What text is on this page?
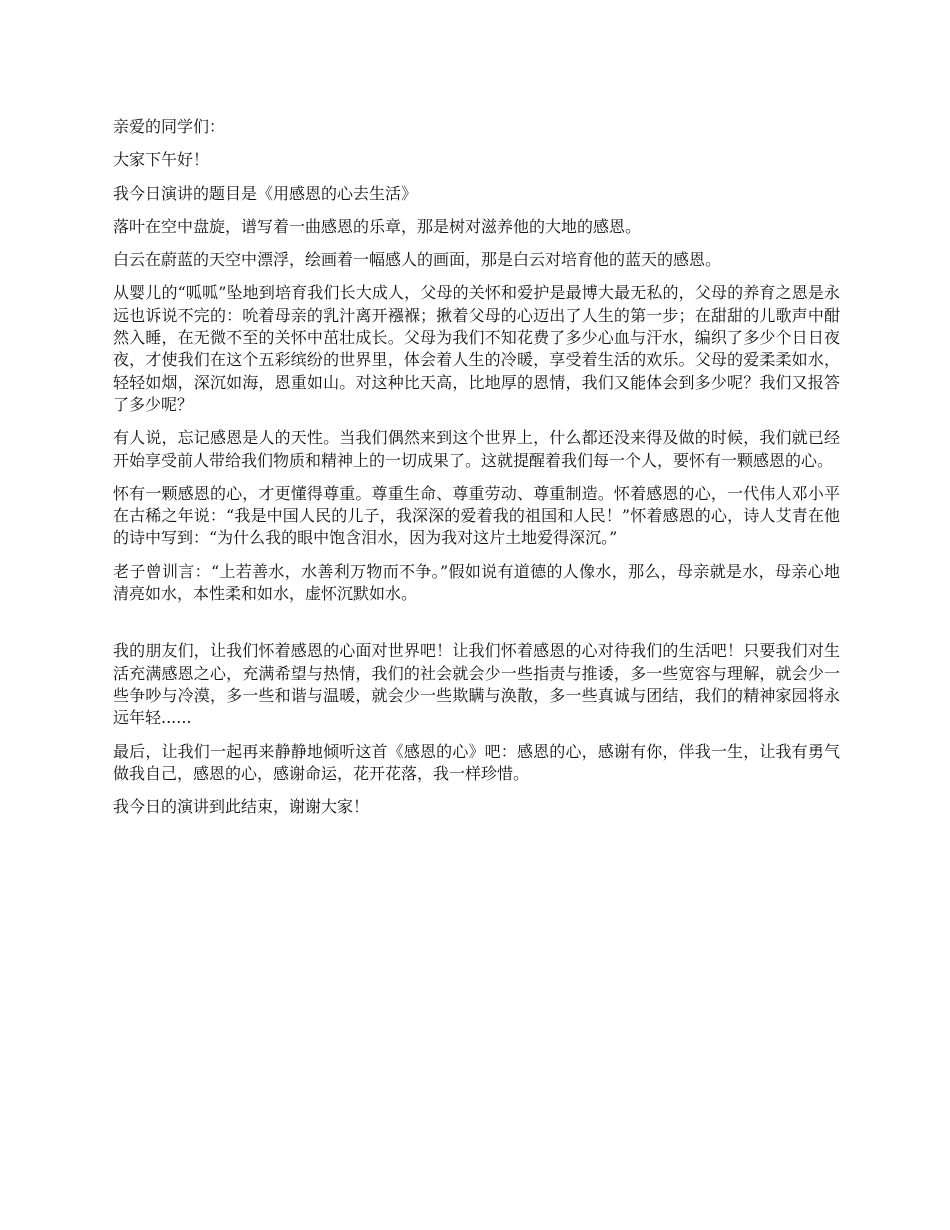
亲爱的同学们：

大家下午好！

我今日演讲的题目是《用感恩的心去生活》

落叶在空中盘旋，谱写着一曲感恩的乐章，那是树对滋养他的大地的感恩。

白云在蔚蓝的天空中漂浮，绘画着一幅感人的画面，那是白云对培育他的蓝天的感恩。

从婴儿的“呱呱”坠地到培育我们长大成人，父母的关怀和爱护是最博大最无私的，父母的养育之恩是永远也诉说不完的：吮着母亲的乳汁离开襁褓；揪着父母的心迈出了人生的第一步；在甜甜的儿歌声中酣然入睡，在无微不至的关怀中茁壮成长。父母为我们不知花费了多少心血与汗水，编织了多少个日日夜夜，才使我们在这个五彩缤纷的世界里，体会着人生的冷暖，享受着生活的欢乐。父母的爱柔柔如水，轻轻如烟，深沉如海，恩重如山。对这种比天高，比地厚的恩情，我们又能体会到多少呢？我们又报答了多少呢？

有人说，忘记感恩是人的天性。当我们偶然来到这个世界上，什么都还没来得及做的时候，我们就已经开始享受前人带给我们物质和精神上的一切成果了。这就提醒着我们每一个人，要怀有一颗感恩的心。

怀有一颗感恩的心，才更懂得尊重。尊重生命、尊重劳动、尊重制造。怀着感恩的心，一代伟人邓小平在古稀之年说：“我是中国人民的儿子，我深深的爱着我的祖国和人民！”怀着感恩的心，诗人艾青在他的诗中写到：“为什么我的眼中饱含泪水，因为我对这片土地爱得深沉。”

老子曾训言：“上若善水，水善利万物而不争。”假如说有道德的人像水，那么，母亲就是水，母亲心地清亮如水，本性柔和如水，虚怀沉默如水。

我的朋友们，让我们怀着感恩的心面对世界吧！让我们怀着感恩的心对待我们的生活吧！只要我们对生活充满感恩之心，充满希望与热情，我们的社会就会少一些指责与推诿，多一些宽容与理解，就会少一些争吵与冷漠，多一些和谐与温暖，就会少一些欺瞒与涣散，多一些真诚与团结，我们的精神家园将永远年轻......

最后，让我们一起再来静静地倾听这首《感恩的心》吧：感恩的心，感谢有你，伴我一生，让我有勇气做我自己，感恩的心，感谢命运，花开花落，我一样珍惜。

我今日的演讲到此结束，谢谢大家！
